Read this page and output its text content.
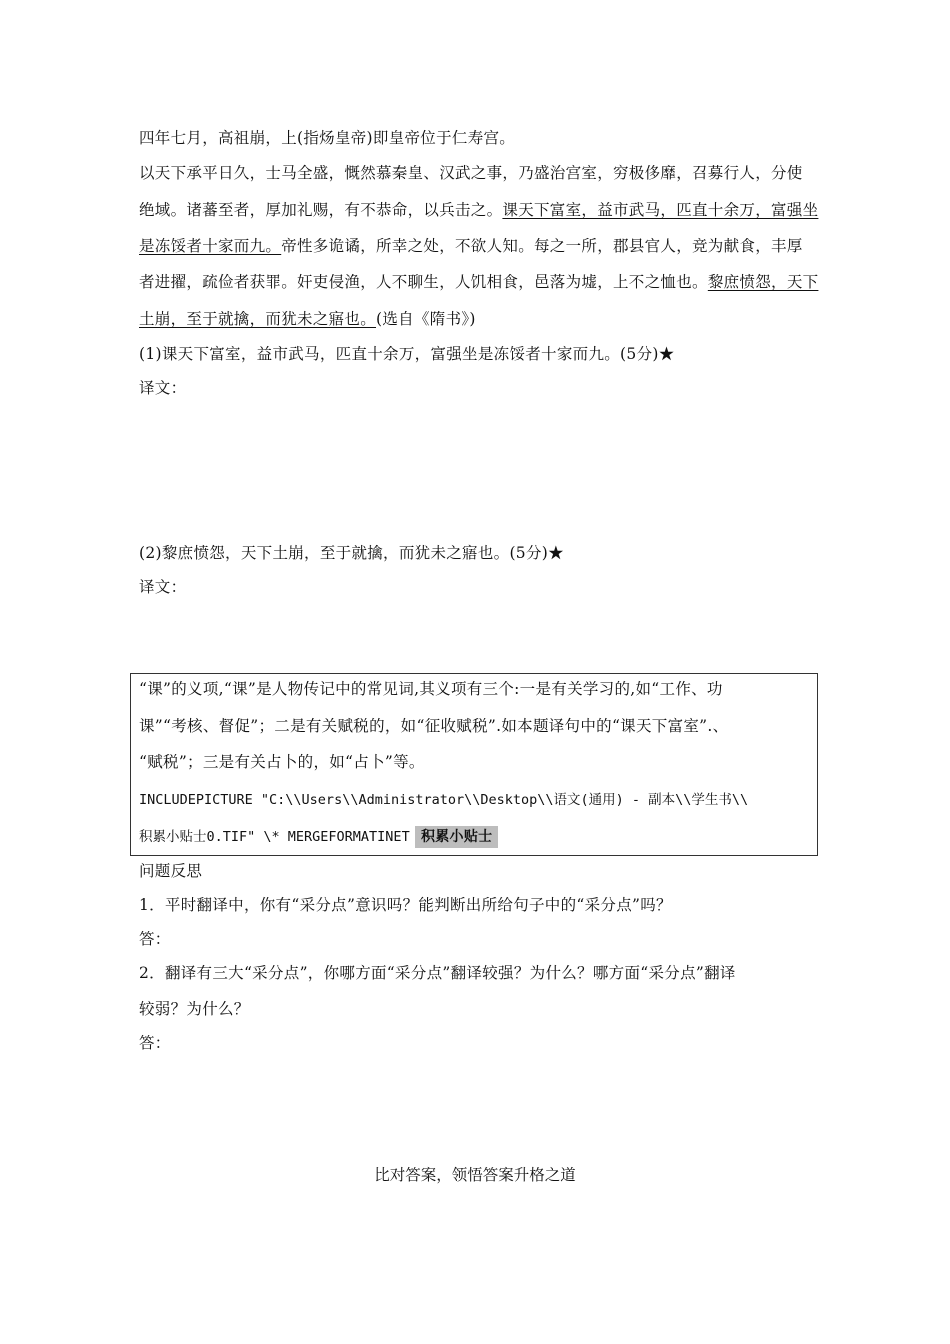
四年七月，高祖崩，上(指炀皇帝)即皇帝位于仁寿宫。
以天下承平日久，士马全盛，慨然慕秦皇、汉武之事，乃盛治宫室，穷极侈靡，召募行人，分使
绝域。诸蕃至者，厚加礼赐，有不恭命，以兵击之。课天下富室，益市武马，匹直十余万，富强坐
是冻馁者十家而九。帝性多诡谲，所幸之处，不欲人知。每之一所，郡县官人，竞为献食，丰厚
者进擢，疏俭者获罪。奸吏侵渔，人不聊生，人饥相食，邑落为墟，上不之恤也。黎庶愤怨，天下
土崩，至于就擒，而犹未之寤也。(选自《隋书》)
(1)课天下富室，益市武马，匹直十余万，富强坐是冻馁者十家而九。(5分)★
译文：
(2)黎庶愤怨，天下土崩，至于就擒，而犹未之寤也。(5分)★
译文：
“课”的义项,“课”是人物传记中的常见词,其义项有三个:一是有关学习的,如“工作、功
课”“考核、督促”；二是有关赋税的，如“征收赋税”.如本题译句中的“课天下富室”.、
“赋税”；三是有关占卜的，如“占卜”等。
INCLUDEPICTURE "C:\\Users\\Administrator\\Desktop\\语文(通用) - 副本\\学生书\\
积累小贴士0.TIF" \* MERGEFORMATINET 积累小贴士
问题反思
1．平时翻译中，你有“采分点”意识吗？能判断出所给句子中的“采分点”吗？
答：
2．翻译有三大“采分点”，你哪方面“采分点”翻译较强？为什么？哪方面“采分点”翻译
较弱？为什么？
答：
比对答案，领悟答案升格之道
